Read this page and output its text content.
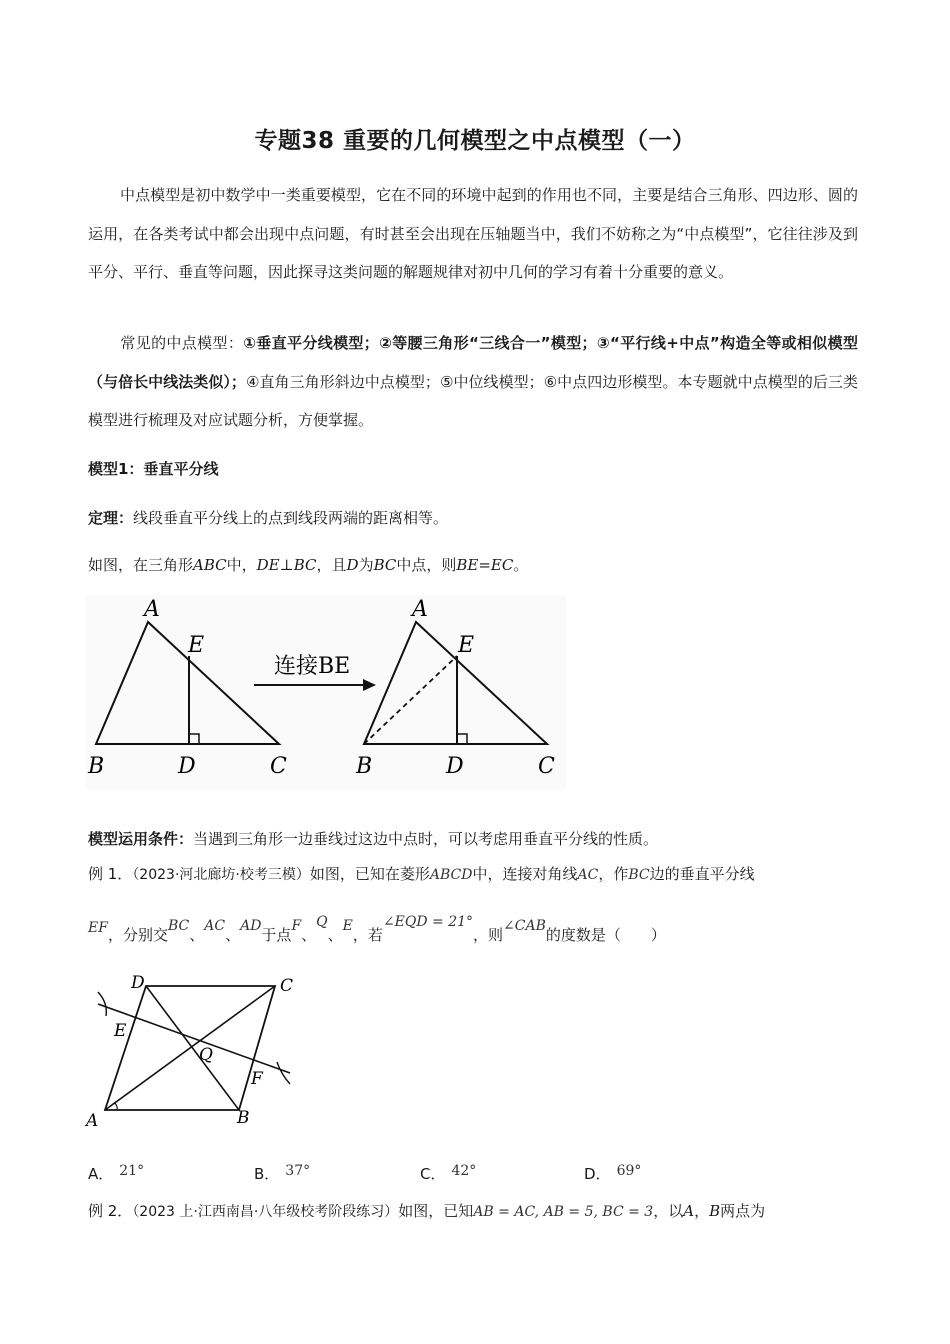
专题38 重要的几何模型之中点模型（一）
中点模型是初中数学中一类重要模型，它在不同的环境中起到的作用也不同，主要是结合三角形、四边形、圆的运用，在各类考试中都会出现中点问题，有时甚至会出现在压轴题当中，我们不妨称之为“中点模型”，它往往涉及到平分、平行、垂直等问题，因此探寻这类问题的解题规律对初中几何的学习有着十分重要的意义。
常见的中点模型：①垂直平分线模型；②等腰三角形“三线合一”模型；③“平行线+中点”构造全等或相似模型（与倍长中线法类似）；④直角三角形斜边中点模型；⑤中位线模型；⑥中点四边形模型。本专题就中点模型的后三类模型进行梳理及对应试题分析，方便掌握。
模型1：垂直平分线
定理：线段垂直平分线上的点到线段两端的距离相等。
如图，在三角形ABC中，DE⊥BC，且D为BC中点，则BE=EC。
A
E
B	D	C
连接BE
A
E
B	D	C
模型运用条件：当遇到三角形一边垂线过这边中点时，可以考虑用垂直平分线的性质。
例 1．（2023·河北廊坊·校考三模）如图，已知在菱形ABCD中，连接对角线AC，作BC边的垂直平分线
EF，分别交BC、AC、AD于点F、Q、E，若∠EQD = 21°，则∠CAB的度数是（　　）
D	C
E
Q
F
A	B
A． 21°	B． 37°	C． 42°	D． 69°
例 2．（2023 上·江西南昌·八年级校考阶段练习）如图，已知AB = AC, AB = 5, BC = 3，以A，B两点为
